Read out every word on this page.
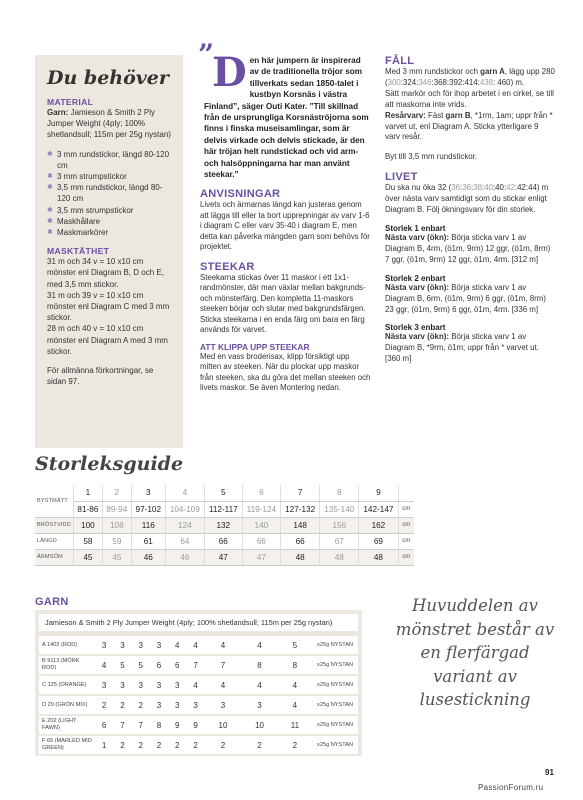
Du behöver
MATERIAL
Garn: Jamieson & Smith 2 Ply Jumper Weight (4ply; 100% shetlandsull; 115m per 25g nystan)
✱ 3 mm rundstickor, längd 80-120 cm
✱ 3 mm strumpstickor
✱ 3,5 mm rundstickor, längd 80-120 cm
✱ 3,5 mm strumpstickor
✱ Maskhållare
✱ Maskmarkörer
MASKTÄTHET
31 m och 34 v = 10 x10 cm mönster enl Diagram B, D och E, med 3,5 mm stickor.
31 m och 39 v = 10 x10 cm mönster enl Diagram C med 3 mm stickor.
28 m och 40 v = 10 x10 cm mönster enl Diagram A med 3 mm stickor.
För allmänna förkortningar, se sidan 97.
”
D en här jumpern är inspirerad av de traditionella tröjor som tillverkats sedan 1850-talet i kustbyn Korsnäs i västra Finland”, säger Outi Kater. ”Till skillnad från de ursprungliga Korsnäströjorna som finns i finska museisamlingar, som är delvis virkade och delvis stickade, är den här tröjan helt rundstickad och vid arm- och halsöppningarna har man använt steekar.”
ANVISNINGAR
Livets och ärmarnas längd kan justeras genom att lägga till eller ta bort upprepningar av varv 1-6 i diagram C eller varv 35-40 i diagram E, men detta kan påverka mängden garn som behövs för projektet.
STEEKAR
Steekarna stickas över 11 maskor i ett 1x1-randmönster, där man växlar mellan bakgrunds- och mönsterfärg. Den kompletta 11-maskors steeken börjar och slutar med bakgrundsfärgen. Sticka steekarna i en enda färg om bara en färg används för varvet.
ATT KLIPPA UPP STEEKAR
Med en vass broderisax, klipp försiktigt upp mitten av steeken. När du plockar upp maskor från steeken, ska du göra det mellan steeken och livets maskor. Se även Montering nedan.
FÅLL
Med 3 mm rundstickor och garn A, lägg upp 280 (300:324:346:368:392:414:438: 460) m.
Sätt markör och för ihop arbetet i en cirkel, se till att maskorna inte vrids.
Resårvarv: Fäst garn B, *1rm, 1am; uppr från * varvet ut, enl Diagram A. Sticka ytterligare 9 varv resår.
Byt till 3,5 mm rundstickor.
LIVET
Du ska nu öka 32 (36:36:38:40:40:42:42:44) m över nästa varv samtidigt som du stickar enligt Diagram B. Följ ökningsvarv för din storlek.
Storlek 1 enbart
Nästa varv (ökn): Börja sticka varv 1 av Diagram B, 4rm, (ö1m, 9rm) 12 ggr, (ö1m, 8rm) 7 ggr, (ö1m, 9rm) 12 ggr, ö1m, 4rm. [312 m]
Storlek 2 enbart
Nästa varv (ökn): Börja sticka varv 1 av Diagram B, 6rm, (ö1m, 9rm) 6 ggr, (ö1m, 8rm) 23 ggr, (ö1m, 9rm) 6 ggr, ö1m, 4rm. [336 m]
Storlek 3 enbart
Nästa varv (ökn): Börja sticka varv 1 av Diagram B, *9rm, ö1m; uppr från * varvet ut. [360 m]
Storleksguide
BYSTMÅTT	1	2	3	4	5	6	7	8	9	
	81-86	89-94	97-102	104-109	112-117	119-124	127-132	135-140	142-147	cm
BRÖSTVIDD	100	108	116	124	132	140	148	156	162	cm
LÄNGD	58	59	61	64	66	66	66	67	69	cm
ÄRMSÖM	45	45	46	46	47	47	48	48	48	cm
GARN
Jamieson & Smith 2 Ply Jumper Weight (4ply; 100% shetlandsull; 115m per 25g nystan)
A 1403 (ROD)	3	3	3	3	4	4	4	4	5	x25g NYSTAN
B 9113 (MÖRK ROD)	4	5	5	6	6	7	7	8	8	x25g NYSTAN
C 125 (ORANGE)	3	3	3	3	3	4	4	4	4	x25g NYSTAN
D 29 (GRÖN MIX)	2	2	2	3	3	3	3	3	4	x25g NYSTAN
E 202 (LIGHT FAWN)	6	7	7	8	9	9	10	10	11	x25g NYSTAN
F 65 (MARLED MID GREEN)	1	2	2	2	2	2	2	2	2	x25g NYSTAN
Huvuddelen av mönstret består av en flerfärgad variant av lusestickning
91
PassionForum.ru
